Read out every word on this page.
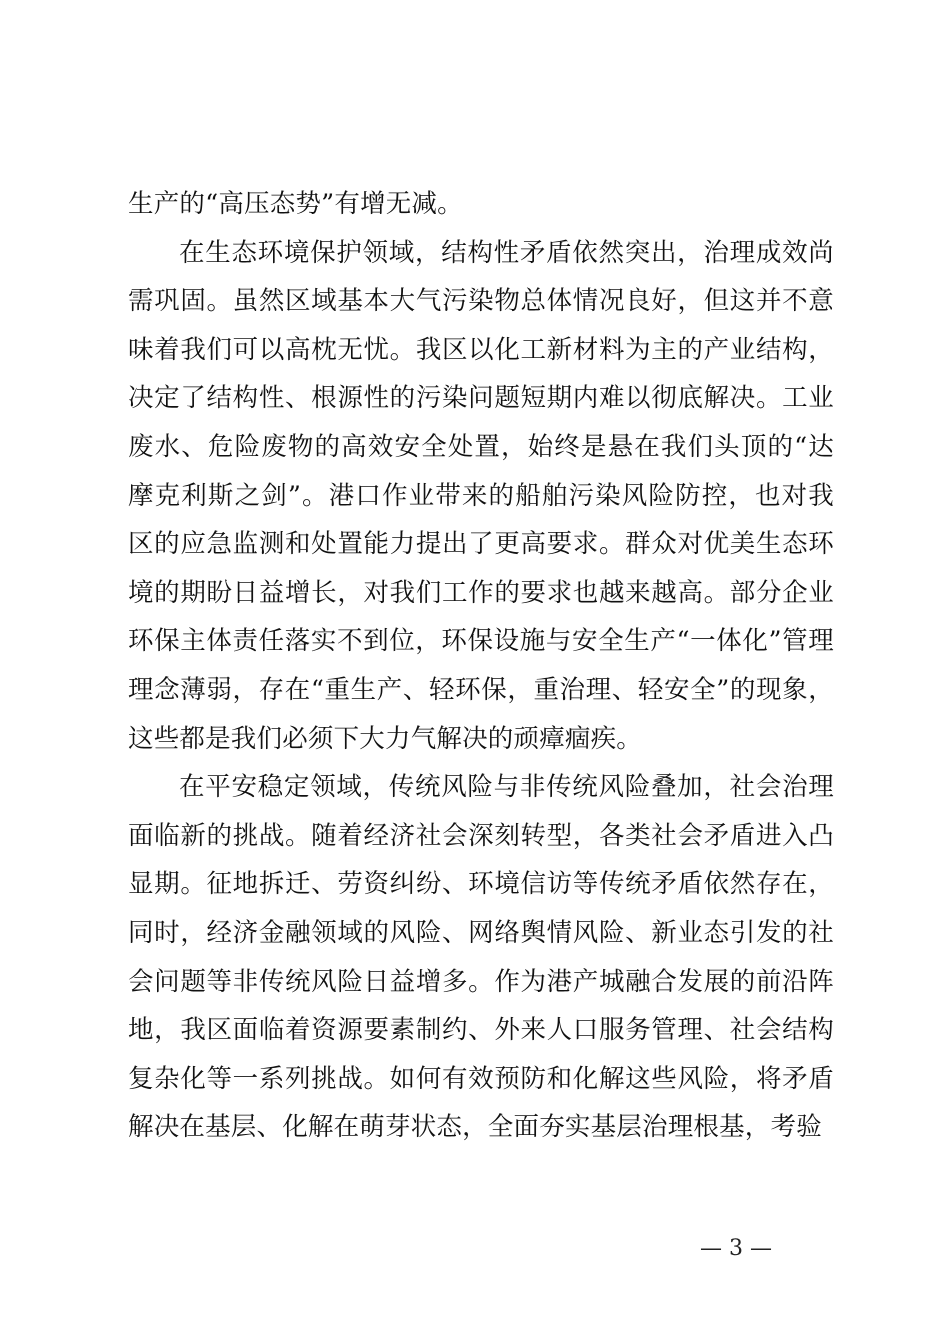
生产的“高压态势”有增无减。

在生态环境保护领域，结构性矛盾依然突出，治理成效尚需巩固。虽然区域基本大气污染物总体情况良好，但这并不意味着我们可以高枕无忧。我区以化工新材料为主的产业结构，决定了结构性、根源性的污染问题短期内难以彻底解决。工业废水、危险废物的高效安全处置，始终是悬在我们头顶的“达摩克利斯之剑”。港口作业带来的船舶污染风险防控，也对我区的应急监测和处置能力提出了更高要求。群众对优美生态环境的期盼日益增长，对我们工作的要求也越来越高。部分企业环保主体责任落实不到位，环保设施与安全生产“一体化”管理理念薄弱，存在“重生产、轻环保，重治理、轻安全”的现象，这些都是我们必须下大力气解决的顽瘴痼疾。

在平安稳定领域，传统风险与非传统风险叠加，社会治理面临新的挑战。随着经济社会深刻转型，各类社会矛盾进入凸显期。征地拆迁、劳资纠纷、环境信访等传统矛盾依然存在，同时，经济金融领域的风险、网络舆情风险、新业态引发的社会问题等非传统风险日益增多。作为港产城融合发展的前沿阵地，我区面临着资源要素制约、外来人口服务管理、社会结构复杂化等一系列挑战。如何有效预防和化解这些风险，将矛盾解决在基层、化解在萌芽状态，全面夯实基层治理根基，考验

— 3 —
